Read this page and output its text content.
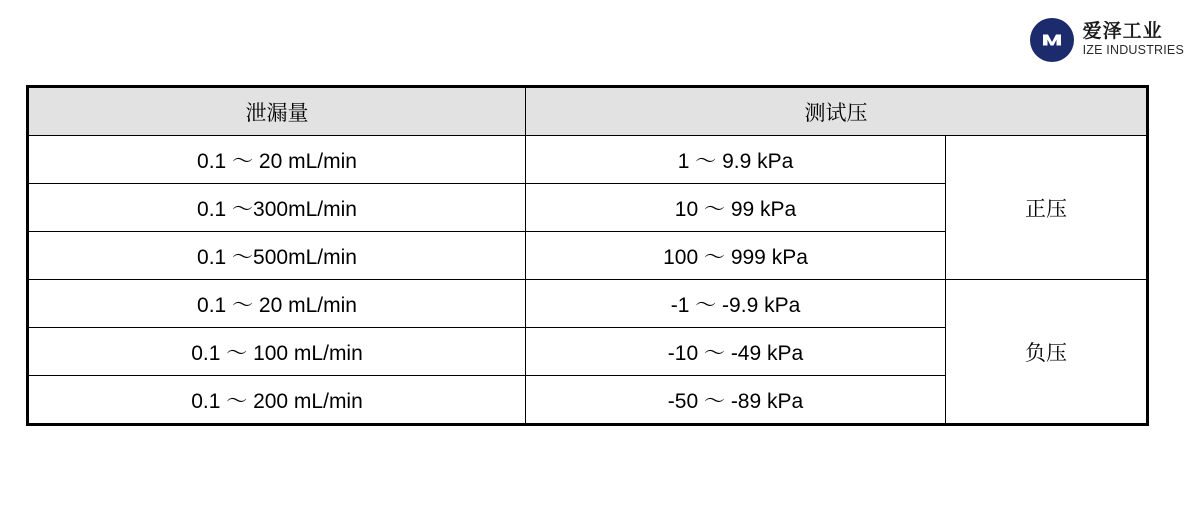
爱泽工业
IZE INDUSTRIES
泄漏量	测试压	
0.1 ～ 20 mL/min	1 ～ 9.9 kPa	正压
0.1 ～300mL/min	10 ～ 99 kPa	
0.1 ～500mL/min	100 ～ 999 kPa	
0.1 ～ 20 mL/min	-1 ～ -9.9 kPa	负压
0.1 ～ 100 mL/min	-10 ～ -49 kPa	
0.1 ～ 200 mL/min	-50 ～ -89 kPa	
